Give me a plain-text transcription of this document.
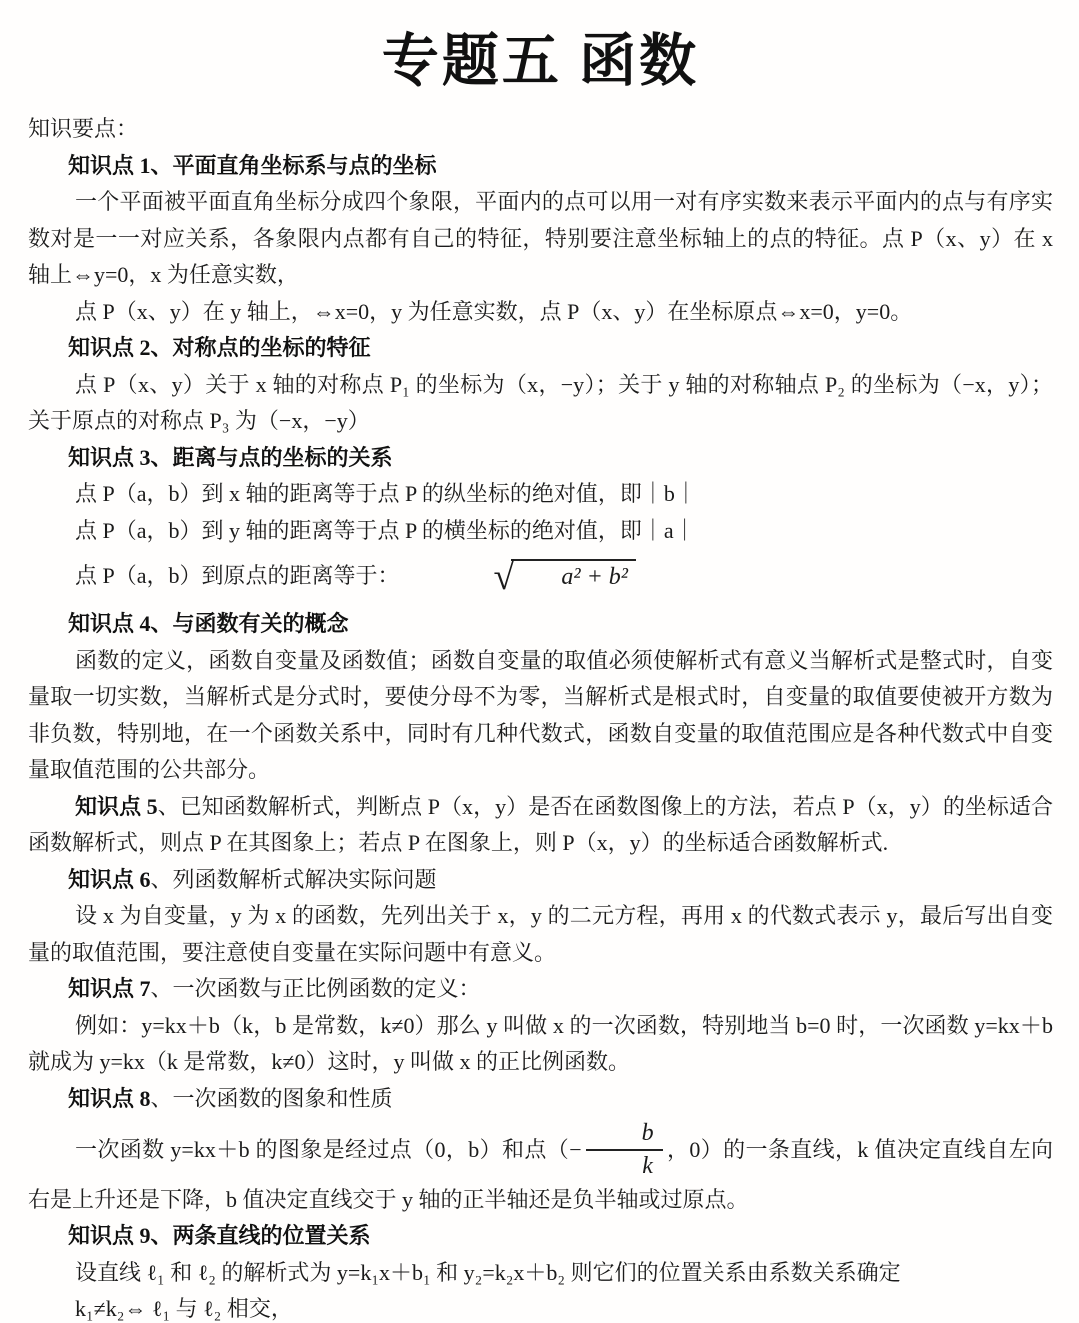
专题五 函数

知识要点：

知识点 1、平面直角坐标系与点的坐标

一个平面被平面直角坐标分成四个象限，平面内的点可以用一对有序实数来表示平面内的点与有序实数对是一一对应关系，各象限内点都有自己的特征，特别要注意坐标轴上的点的特征。点 P（x、y）在 x 轴上⇔y=0，x 为任意实数，

点 P（x、y）在 y 轴上，⇔x=0，y 为任意实数，点 P（x、y）在坐标原点⇔x=0，y=0。

知识点 2、对称点的坐标的特征

点 P（x、y）关于 x 轴的对称点 P₁ 的坐标为（x，−y）；关于 y 轴的对称轴点 P₂ 的坐标为（−x，y）；关于原点的对称点 P₃ 为（−x，−y）

知识点 3、距离与点的坐标的关系

点 P（a，b）到 x 轴的距离等于点 P 的纵坐标的绝对值，即｜b｜

点 P（a，b）到 y 轴的距离等于点 P 的横坐标的绝对值，即｜a｜

点 P（a，b）到原点的距离等于： √ a² + b²

知识点 4、与函数有关的概念

函数的定义，函数自变量及函数值；函数自变量的取值必须使解析式有意义当解析式是整式时，自变量取一切实数，当解析式是分式时，要使分母不为零，当解析式是根式时，自变量的取值要使被开方数为非负数，特别地，在一个函数关系中，同时有几种代数式，函数自变量的取值范围应是各种代数式中自变量取值范围的公共部分。

知识点 5、已知函数解析式，判断点 P（x，y）是否在函数图像上的方法，若点 P（x，y）的坐标适合函数解析式，则点 P 在其图象上；若点 P 在图象上，则 P（x，y）的坐标适合函数解析式.

知识点 6、列函数解析式解决实际问题

设 x 为自变量，y 为 x 的函数，先列出关于 x，y 的二元方程，再用 x 的代数式表示 y，最后写出自变量的取值范围，要注意使自变量在实际问题中有意义。

知识点 7、一次函数与正比例函数的定义：

例如：y=kx＋b（k，b 是常数，k≠0）那么 y 叫做 x 的一次函数，特别地当 b=0 时，一次函数 y=kx＋b 就成为 y=kx（k 是常数，k≠0）这时，y 叫做 x 的正比例函数。

知识点 8、一次函数的图象和性质

一次函数 y=kx＋b 的图象是经过点（0，b）和点（− $\frac{b}{k}$ ，0）的一条直线，k 值决定直线自左向右是上升还是下降，b 值决定直线交于 y 轴的正半轴还是负半轴或过原点。

知识点 9、两条直线的位置关系

设直线 ℓ₁ 和 ℓ₂ 的解析式为 y=k₁x＋b₁ 和 y₂=k₂x＋b₂ 则它们的位置关系由系数关系确定

k₁≠k₂⇔ ℓ₁ 与 ℓ₂ 相交，
